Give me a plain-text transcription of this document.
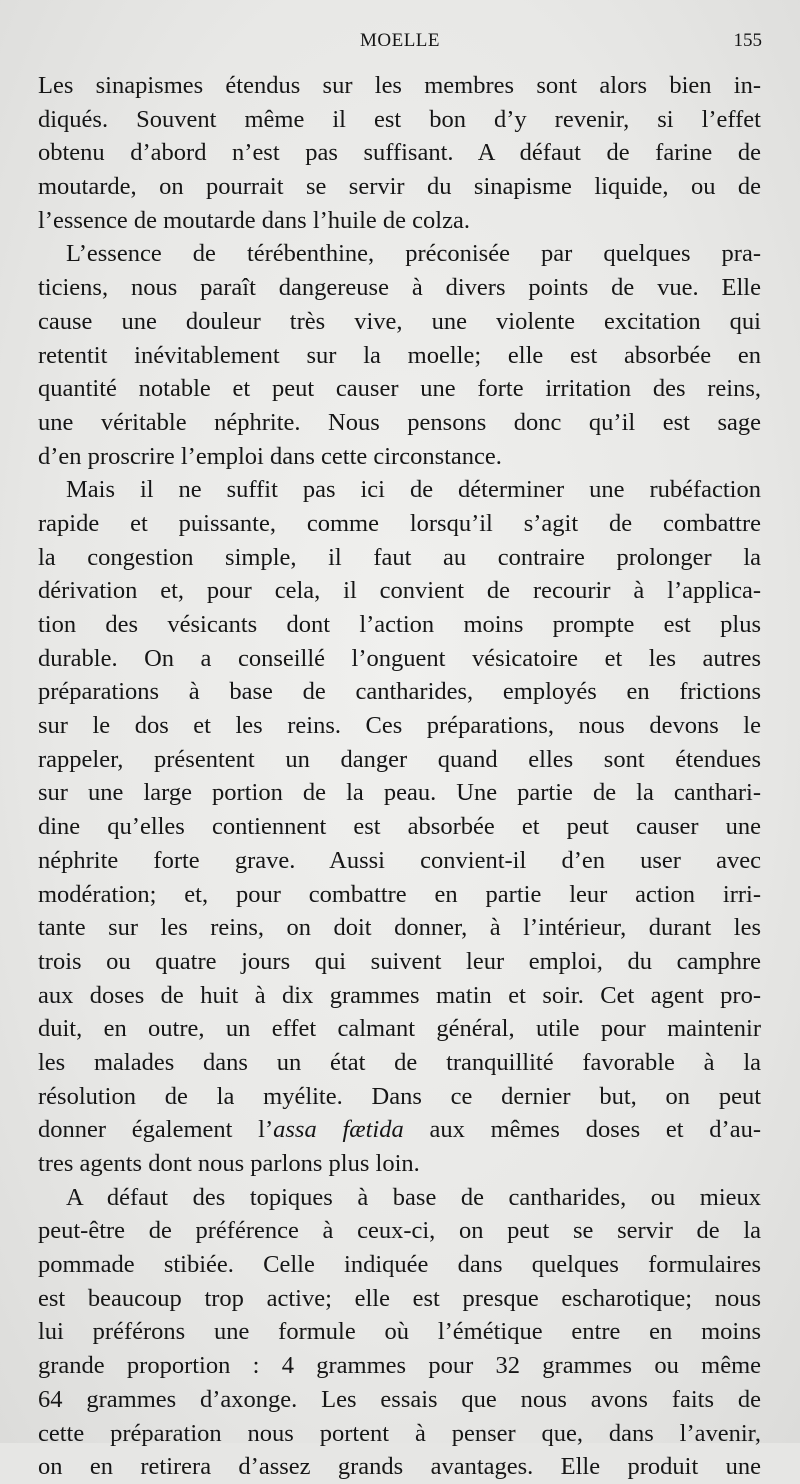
MOELLE	155
Les sinapismes étendus sur les membres sont alors bien in-
diqués. Souvent même il est bon d’y revenir, si l’effet
obtenu d’abord n’est pas suffisant. A défaut de farine de
moutarde, on pourrait se servir du sinapisme liquide, ou de
l’essence de moutarde dans l’huile de colza.
L’essence de térébenthine, préconisée par quelques pra-
ticiens, nous paraît dangereuse à divers points de vue. Elle
cause une douleur très vive, une violente excitation qui
retentit inévitablement sur la moelle; elle est absorbée en
quantité notable et peut causer une forte irritation des reins,
une véritable néphrite. Nous pensons donc qu’il est sage
d’en proscrire l’emploi dans cette circonstance.
Mais il ne suffit pas ici de déterminer une rubéfaction
rapide et puissante, comme lorsqu’il s’agit de combattre
la congestion simple, il faut au contraire prolonger la
dérivation et, pour cela, il convient de recourir à l’applica-
tion des vésicants dont l’action moins prompte est plus
durable. On a conseillé l’onguent vésicatoire et les autres
préparations à base de cantharides, employés en frictions
sur le dos et les reins. Ces préparations, nous devons le
rappeler, présentent un danger quand elles sont étendues
sur une large portion de la peau. Une partie de la canthari-
dine qu’elles contiennent est absorbée et peut causer une
néphrite forte grave. Aussi convient-il d’en user avec
modération; et, pour combattre en partie leur action irri-
tante sur les reins, on doit donner, à l’intérieur, durant les
trois ou quatre jours qui suivent leur emploi, du camphre
aux doses de huit à dix grammes matin et soir. Cet agent pro-
duit, en outre, un effet calmant général, utile pour maintenir
les malades dans un état de tranquillité favorable à la
résolution de la myélite. Dans ce dernier but, on peut
donner également l’assa fætida aux mêmes doses et d’au-
tres agents dont nous parlons plus loin.
A défaut des topiques à base de cantharides, ou mieux
peut-être de préférence à ceux-ci, on peut se servir de la
pommade stibiée. Celle indiquée dans quelques formulaires
est beaucoup trop active; elle est presque escharotique; nous
lui préférons une formule où l’émétique entre en moins
grande proportion : 4 grammes pour 32 grammes ou même
64 grammes d’axonge. Les essais que nous avons faits de
cette préparation nous portent à penser que, dans l’avenir,
on en retirera d’assez grands avantages. Elle produit une
